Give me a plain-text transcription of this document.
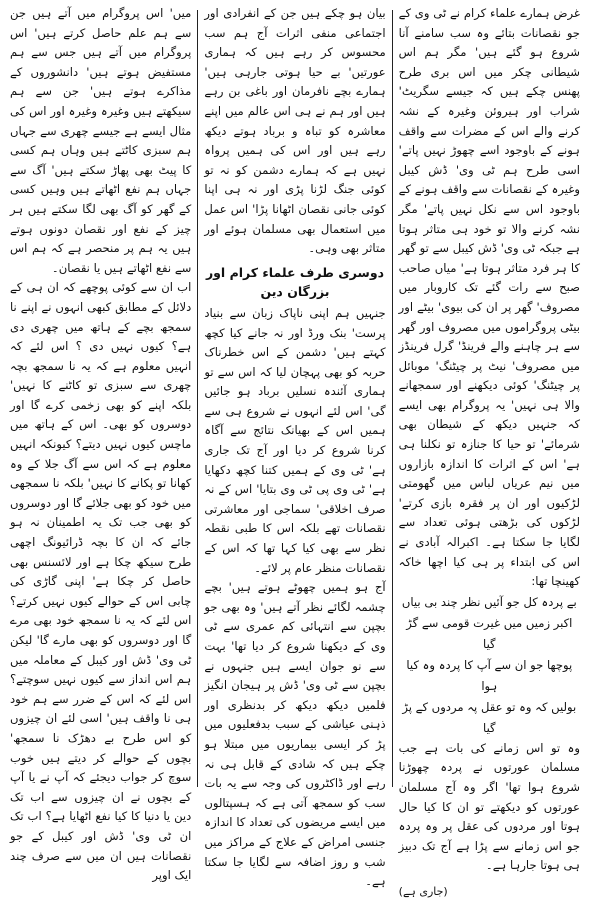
میں' اس پروگرام میں آتے ہیں جن سے ہم علم حاصل کرتے ہیں' اس پروگرام میں آتے ہیں جس سے ہم مستفیض ہوتے ہیں' دانشوروں کے مذاکرے ہوتے ہیں' جن سے ہم سیکھتے ہیں وغیرہ وغیرہ اور اس کی مثال ایسے ہے جیسے چھری سے جہاں ہم سبزی کاٹتے ہیں وہاں ہم کسی کا پیٹ بھی پھاڑ سکتے ہیں' آگ سے جہاں ہم نفع اٹھاتے ہیں وہیں کسی کے گھر کو آگ بھی لگا سکتے ہیں ہر چیز کے نفع اور نقصان دونوں ہوتے ہیں یہ ہم پر منحصر ہے کہ ہم اس سے نفع اٹھاتے ہیں یا نقصان۔

اب ان سے کوئی پوچھے کہ ان ہی کے دلائل کے مطابق کبھی انہوں نے اپنے نا سمجھ بچے کے ہاتھ میں چھری دی ہے؟ کیوں نہیں دی ؟ اس لئے کہ انہیں معلوم ہے کہ یہ نا سمجھ بچہ چھری سے سبزی تو کاٹنے کا نہیں' بلکہ اپنے کو بھی زخمی کرے گا اور دوسروں کو بھی۔ اس کے ہاتھ میں ماچس کیوں نہیں دیتے؟ کیونکہ انہیں معلوم ہے کہ اس سے آگ جلا کے وہ کھانا تو پکانے کا نہیں' بلکہ نا سمجھی میں خود کو بھی جلائے گا اور دوسروں کو بھی جب تک یہ اطمینان نہ ہو جائے کہ ان کا بچہ ڈرائیونگ اچھی طرح سیکھ چکا ہے اور لائسنس بھی حاصل کر چکا ہے' اپنی گاڑی کی چابی اس کے حوالے کیوں نہیں کرتے؟ اس لئے کہ یہ نا سمجھ خود بھی مرے گا اور دوسروں کو بھی مارے گا' لیکن ٹی وی' ڈش اور کیبل کے معاملہ میں ہم اس انداز سے کیوں نہیں سوچتے؟ اس لئے کہ اس کے ضرر سے ہم خود ہی نا واقف ہیں' اسی لئے ان چیزوں کو اس طرح بے دھڑک نا سمجھ' بچوں کے حوالے کر دیتے ہیں خوب سوچ کر جواب دیجئے کہ آپ نے یا آپ کے بچوں نے ان چیزوں سے اب تک دین یا دنیا کا کیا نفع اٹھایا ہے؟ اب تک ان ٹی وی' ڈش اور کیبل کے جو نقصانات ہیں ان میں سے صرف چند ایک اوپر

بیان ہو چکے ہیں جن کے انفرادی اور اجتماعی منفی اثرات آج ہم سب محسوس کر رہے ہیں کہ ہماری عورتیں' بے حیا ہوتی جارہی ہیں' ہمارے بچے نافرمان اور باغی بن رہے ہیں اور ہم نے ہی اس عالم میں اپنے معاشرہ کو تباہ و برباد ہوتے دیکھ رہے ہیں اور اس کی ہمیں پرواہ نہیں ہے کہ ہمارے دشمن کو نہ تو کوئی جنگ لڑنا پڑی اور نہ ہی اپنا کوئی جانی نقصان اٹھانا پڑا' اس عمل میں استعمال بھی مسلمان ہوئے اور متاثر بھی وہی۔

دوسری طرف علماء کرام اور بزرگان دین

جنہیں ہم اپنی ناپاک زبان سے بنیاد پرست' بنک ورڈ اور نہ جانے کیا کچھ کہتے ہیں' دشمن کے اس خطرناک حربہ کو بھی پہچان لیا کہ اس سے تو ہماری آئندہ نسلیں برباد ہو جائیں گی' اس لئے انہوں نے شروع ہی سے ہمیں اس کے بھیانک نتائج سے آگاہ کرنا شروع کر دیا اور آج تک جاری ہے' ٹی وی کے ہمیں کتنا کچھ دکھایا ہے' ٹی وی پی ٹی وی بتایا' اس کے نہ صرف اخلاقی' سماجی اور معاشرتی نقصانات تھے بلکہ اس کا طبی نقطہ نظر سے بھی کیا کہا تھا کہ اس کے نقصانات منظر عام پر لائے۔

آج ہو ہمیں چھوٹے ہوتے ہیں' بچے چشمہ لگائے نظر آتے ہیں' وہ بھی جو بچپن سے انتہائی کم عمری سے ٹی وی کے دیکھنا شروع کر دیا تھا' بہت سے نو جوان ایسے ہیں جنہوں نے بچپن سے ٹی وی' ڈش پر ہیجان انگیز فلمیں دیکھ دیکھ کر بدنظری اور ذہنی عیاشی کے سبب بدفعلیوں میں پڑ کر ایسی بیماریوں میں مبتلا ہو چکے ہیں کہ شادی کے قابل ہی نہ رہے اور ڈاکٹروں کی وجہ سے یہ بات سب کو سمجھ آتی ہے کہ ہسپتالوں میں ایسے مریضوں کی تعداد کا اندازہ جنسی امراض کے علاج کے مراکز میں شب و روز اضافہ سے لگایا جا سکتا ہے۔

غرض ہمارے علماء کرام نے ٹی وی کے جو نقصانات بتائے وہ سب سامنے آنا شروع ہو گئے ہیں' مگر ہم اس شیطانی چکر میں اس بری طرح پھنس چکے ہیں کہ جیسے سگریٹ' شراب اور ہیروئن وغیرہ کے نشہ کرنے والے اس کے مضرات سے واقف ہونے کے باوجود اسے چھوڑ نہیں پاتے' اسی طرح ہم ٹی وی' ڈش کیبل وغیرہ کے نقصانات سے واقف ہونے کے باوجود اس سے نکل نہیں پاتے' مگر نشہ کرنے والا تو خود ہی متاثر ہوتا ہے جبکہ ٹی وی' ڈش کیبل سے تو گھر کا ہر فرد متاثر ہوتا ہے' میاں صاحب صبح سے رات گئے تک کاروبار میں مصروف' گھر پر ان کی بیوی' بیٹے اور بیٹی پروگراموں میں مصروف اور گھر سے ہر چاہنے والے فرینڈ' گرل فرینڈز میں مصروف' نیٹ پر چیٹنگ' موبائل پر چیٹنگ' کوئی دیکھنے اور سمجھانے والا ہی نہیں' یہ پروگرام بھی ایسے کہ جنہیں دیکھ کے شیطان بھی شرمائے' تو حیا کا جنازہ تو نکلنا ہی ہے' اس کے اثرات کا اندازہ بازاروں میں نیم عریاں لباس میں گھومتی لڑکیوں اور ان پر فقرہ بازی کرتے' لڑکوں کی بڑھتی ہوئی تعداد سے لگایا جا سکتا ہے۔ اکبرالہ آبادی نے اس کی ابتداء پر ہی کیا اچھا خاکہ کھینچا تھا:

بے پردہ کل جو آئیں نظر چند بی بیاں
اکبر زمیں میں غیرت قومی سے گڑ گیا
پوچھا جو ان سے آپ کا پردہ وہ کیا ہوا
بولیں کہ وہ تو عقل پہ مردوں کے پڑ گیا

وہ تو اس زمانے کی بات ہے جب مسلمان عورتوں نے پردہ چھوڑنا شروع ہوا تھا' اگر وہ آج مسلمان عورتوں کو دیکھتے تو ان کا کیا حال ہوتا اور مردوں کی عقل پر وہ پردہ جو اس زمانے سے پڑا ہے آج تک دبیز ہی ہوتا جارہا ہے۔

(جاری ہے)
